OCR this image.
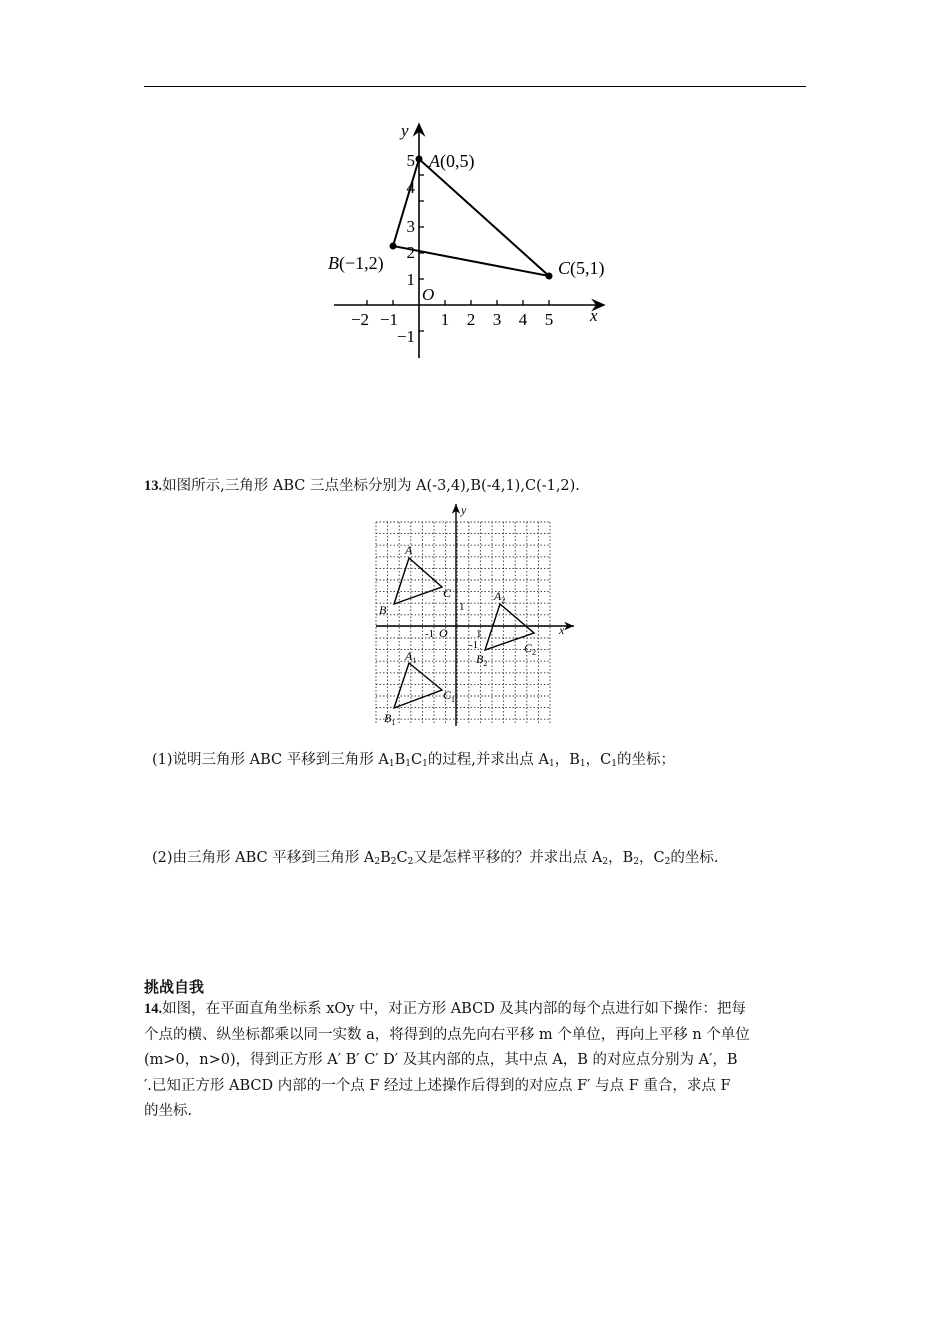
y
x
O
−2 −1	1 2 3 4 5
−1
1
2
3
4
5 A(0,5)
B(−1,2)	C(5,1)
13.如图所示,三角形 ABC 三点坐标分别为 A(-3,4),B(-4,1),C(-1,2).
A
B
C
$A_1$
$B_1$
$C_1$
$A_2$
$B_2$
$C_2$
x
y
O	1
-1
1
-1
(1)说明三角形 ABC 平移到三角形 $A_1B_1C_1$的过程,并求出点 $A_1$，$B_1$，$C_1$的坐标；
(2)由三角形 ABC 平移到三角形 $A_2B_2C_2$又是怎样平移的？并求出点 $A_2$，$B_2$，$C_2$的坐标.
挑战自我

14.如图，在平面直角坐标系 xOy 中，对正方形 ABCD 及其内部的每个点进行如下操作：把每

个点的横、纵坐标都乘以同一实数 a，将得到的点先向右平移 m 个单位，再向上平移 n 个单位

(m>0，n>0)，得到正方形 A′ B′ C′ D′ 及其内部的点，其中点 A，B 的对应点分别为 A′，B

′.已知正方形 ABCD 内部的一个点 F 经过上述操作后得到的对应点 F′ 与点 F 重合，求点 F

的坐标.
